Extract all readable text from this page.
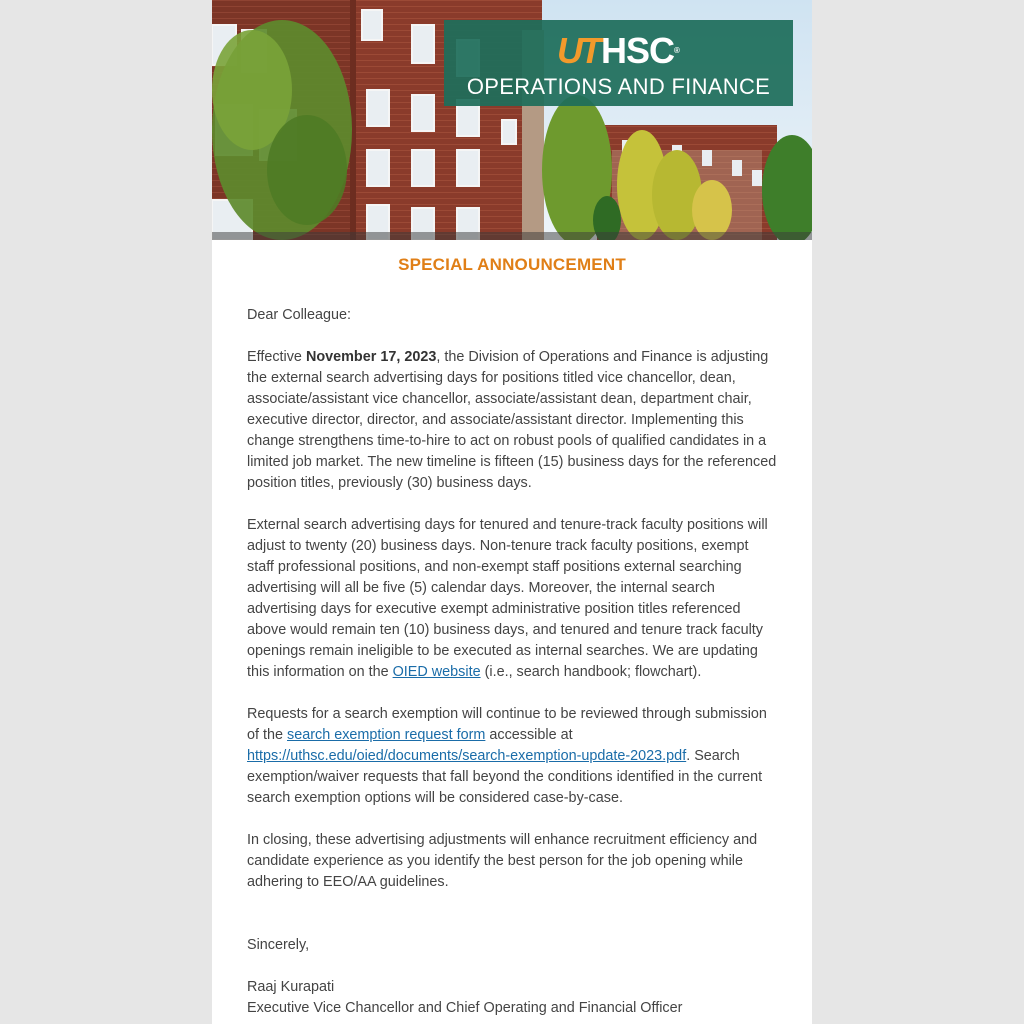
UTHSC®
OPERATIONS AND FINANCE
SPECIAL ANNOUNCEMENT

Dear Colleague:

Effective November 17, 2023, the Division of Operations and Finance is adjusting the external search advertising days for positions titled vice chancellor, dean, associate/assistant vice chancellor, associate/assistant dean, department chair, executive director, director, and associate/assistant director. Implementing this change strengthens time-to-hire to act on robust pools of qualified candidates in a limited job market. The new timeline is fifteen (15) business days for the referenced position titles, previously (30) business days.

External search advertising days for tenured and tenure-track faculty positions will adjust to twenty (20) business days. Non-tenure track faculty positions, exempt staff professional positions, and non-exempt staff positions external searching advertising will all be five (5) calendar days. Moreover, the internal search advertising days for executive exempt administrative position titles referenced above would remain ten (10) business days, and tenured and tenure track faculty openings remain ineligible to be executed as internal searches. We are updating this information on the OIED website (i.e., search handbook; flowchart).

Requests for a search exemption will continue to be reviewed through submission of the search exemption request form accessible at
https://uthsc.edu/oied/documents/search-exemption-update-2023.pdf. Search exemption/waiver requests that fall beyond the conditions identified in the current search exemption options will be considered case-by-case.

In closing, these advertising adjustments will enhance recruitment efficiency and candidate experience as you identify the best person for the job opening while adhering to EEO/AA guidelines.

Sincerely,

Raaj Kurapati
Executive Vice Chancellor and Chief Operating and Financial Officer
